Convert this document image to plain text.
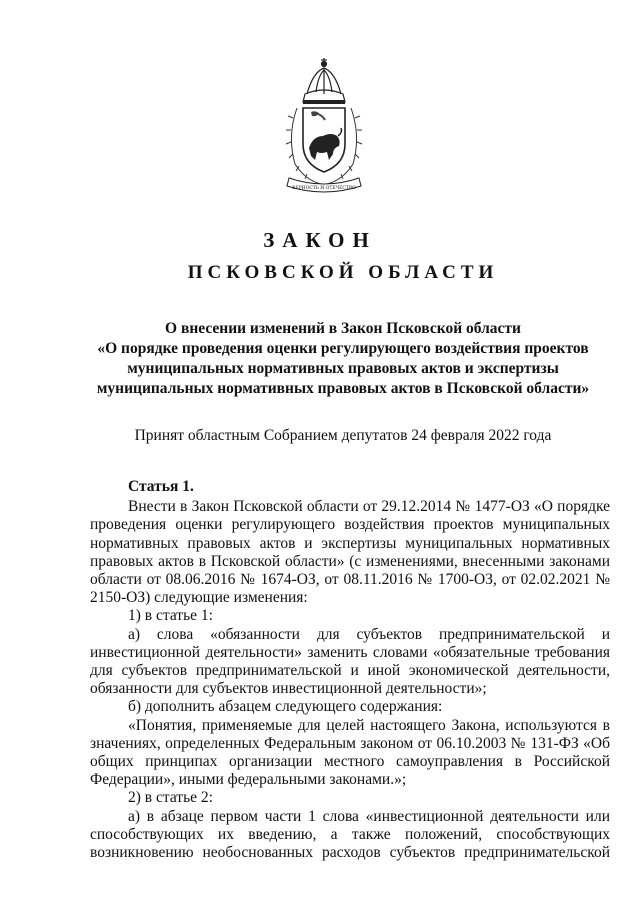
ВЕРНОСТЬ И ОТЕЧЕСТВО
ЗАКОН
ПСКОВСКОЙ ОБЛАСТИ
О внесении изменений в Закон Псковской области
«О порядке проведения оценки регулирующего воздействия проектов
муниципальных нормативных правовых актов и экспертизы
муниципальных нормативных правовых актов в Псковской области»
Принят областным Собранием депутатов 24 февраля 2022 года
Статья 1.

Внести в Закон Псковской области от 29.12.2014 № 1477-ОЗ «О порядке проведения оценки регулирующего воздействия проектов муниципальных нормативных правовых актов и экспертизы муниципальных нормативных правовых актов в Псковской области» (с изменениями, внесенными законами области от 08.06.2016 № 1674-ОЗ, от 08.11.2016 № 1700-ОЗ, от 02.02.2021 № 2150-ОЗ) следующие изменения:

1) в статье 1:

а) слова «обязанности для субъектов предпринимательской и инвестиционной деятельности» заменить словами «обязательные требования для субъектов предпринимательской и иной экономической деятельности, обязанности для субъектов инвестиционной деятельности»;

б) дополнить абзацем следующего содержания:

«Понятия, применяемые для целей настоящего Закона, используются в значениях, определенных Федеральным законом от 06.10.2003 № 131-ФЗ «Об общих принципах организации местного самоуправления в Российской Федерации», иными федеральными законами.»;

2) в статье 2:

а) в абзаце первом части 1 слова «инвестиционной деятельности или способствующих их введению, а также положений, способствующих возникновению необоснованных расходов субъектов предпринимательской
